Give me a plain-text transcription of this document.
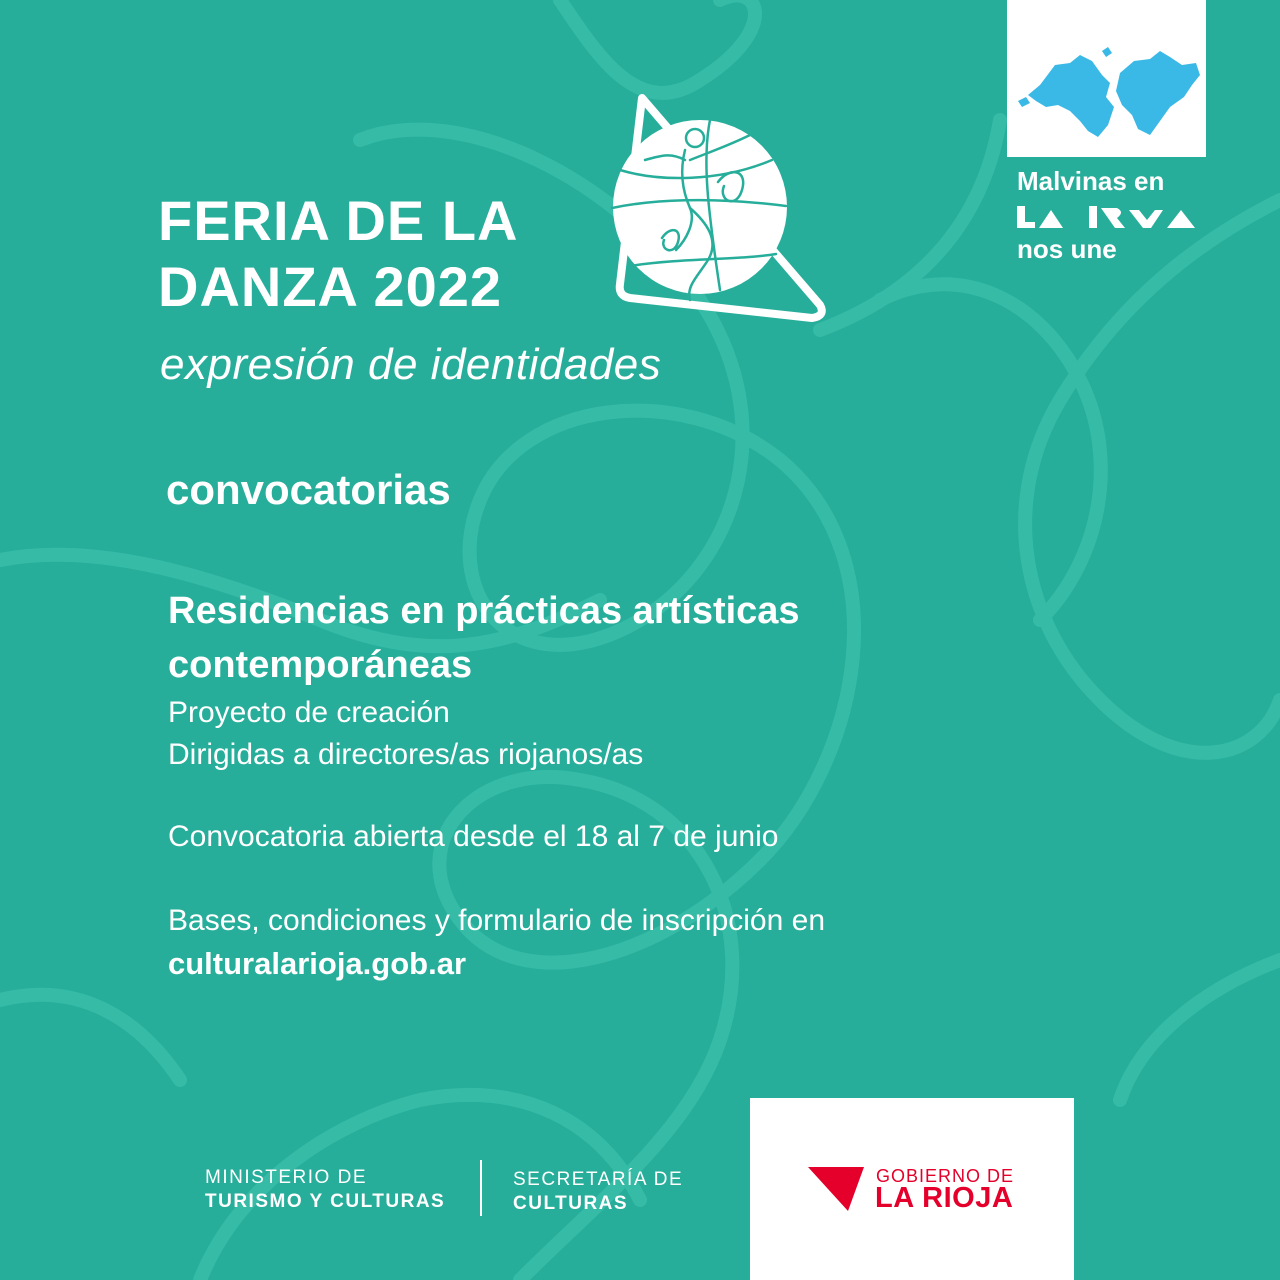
FERIA DE LA
DANZA 2022
expresión de identidades
Malvinas en
nos une
convocatorias
Residencias en prácticas artísticas contemporáneas
Proyecto de creación
Dirigidas a directores/as riojanos/as
Convocatoria abierta desde el 18 al 7 de junio
Bases, condiciones y formulario de inscripción en
culturalarioja.gob.ar
MINISTERIO DE
TURISMO Y CULTURAS
SECRETARÍA DE
CULTURAS
GOBIERNO DE
LA RIOJA
